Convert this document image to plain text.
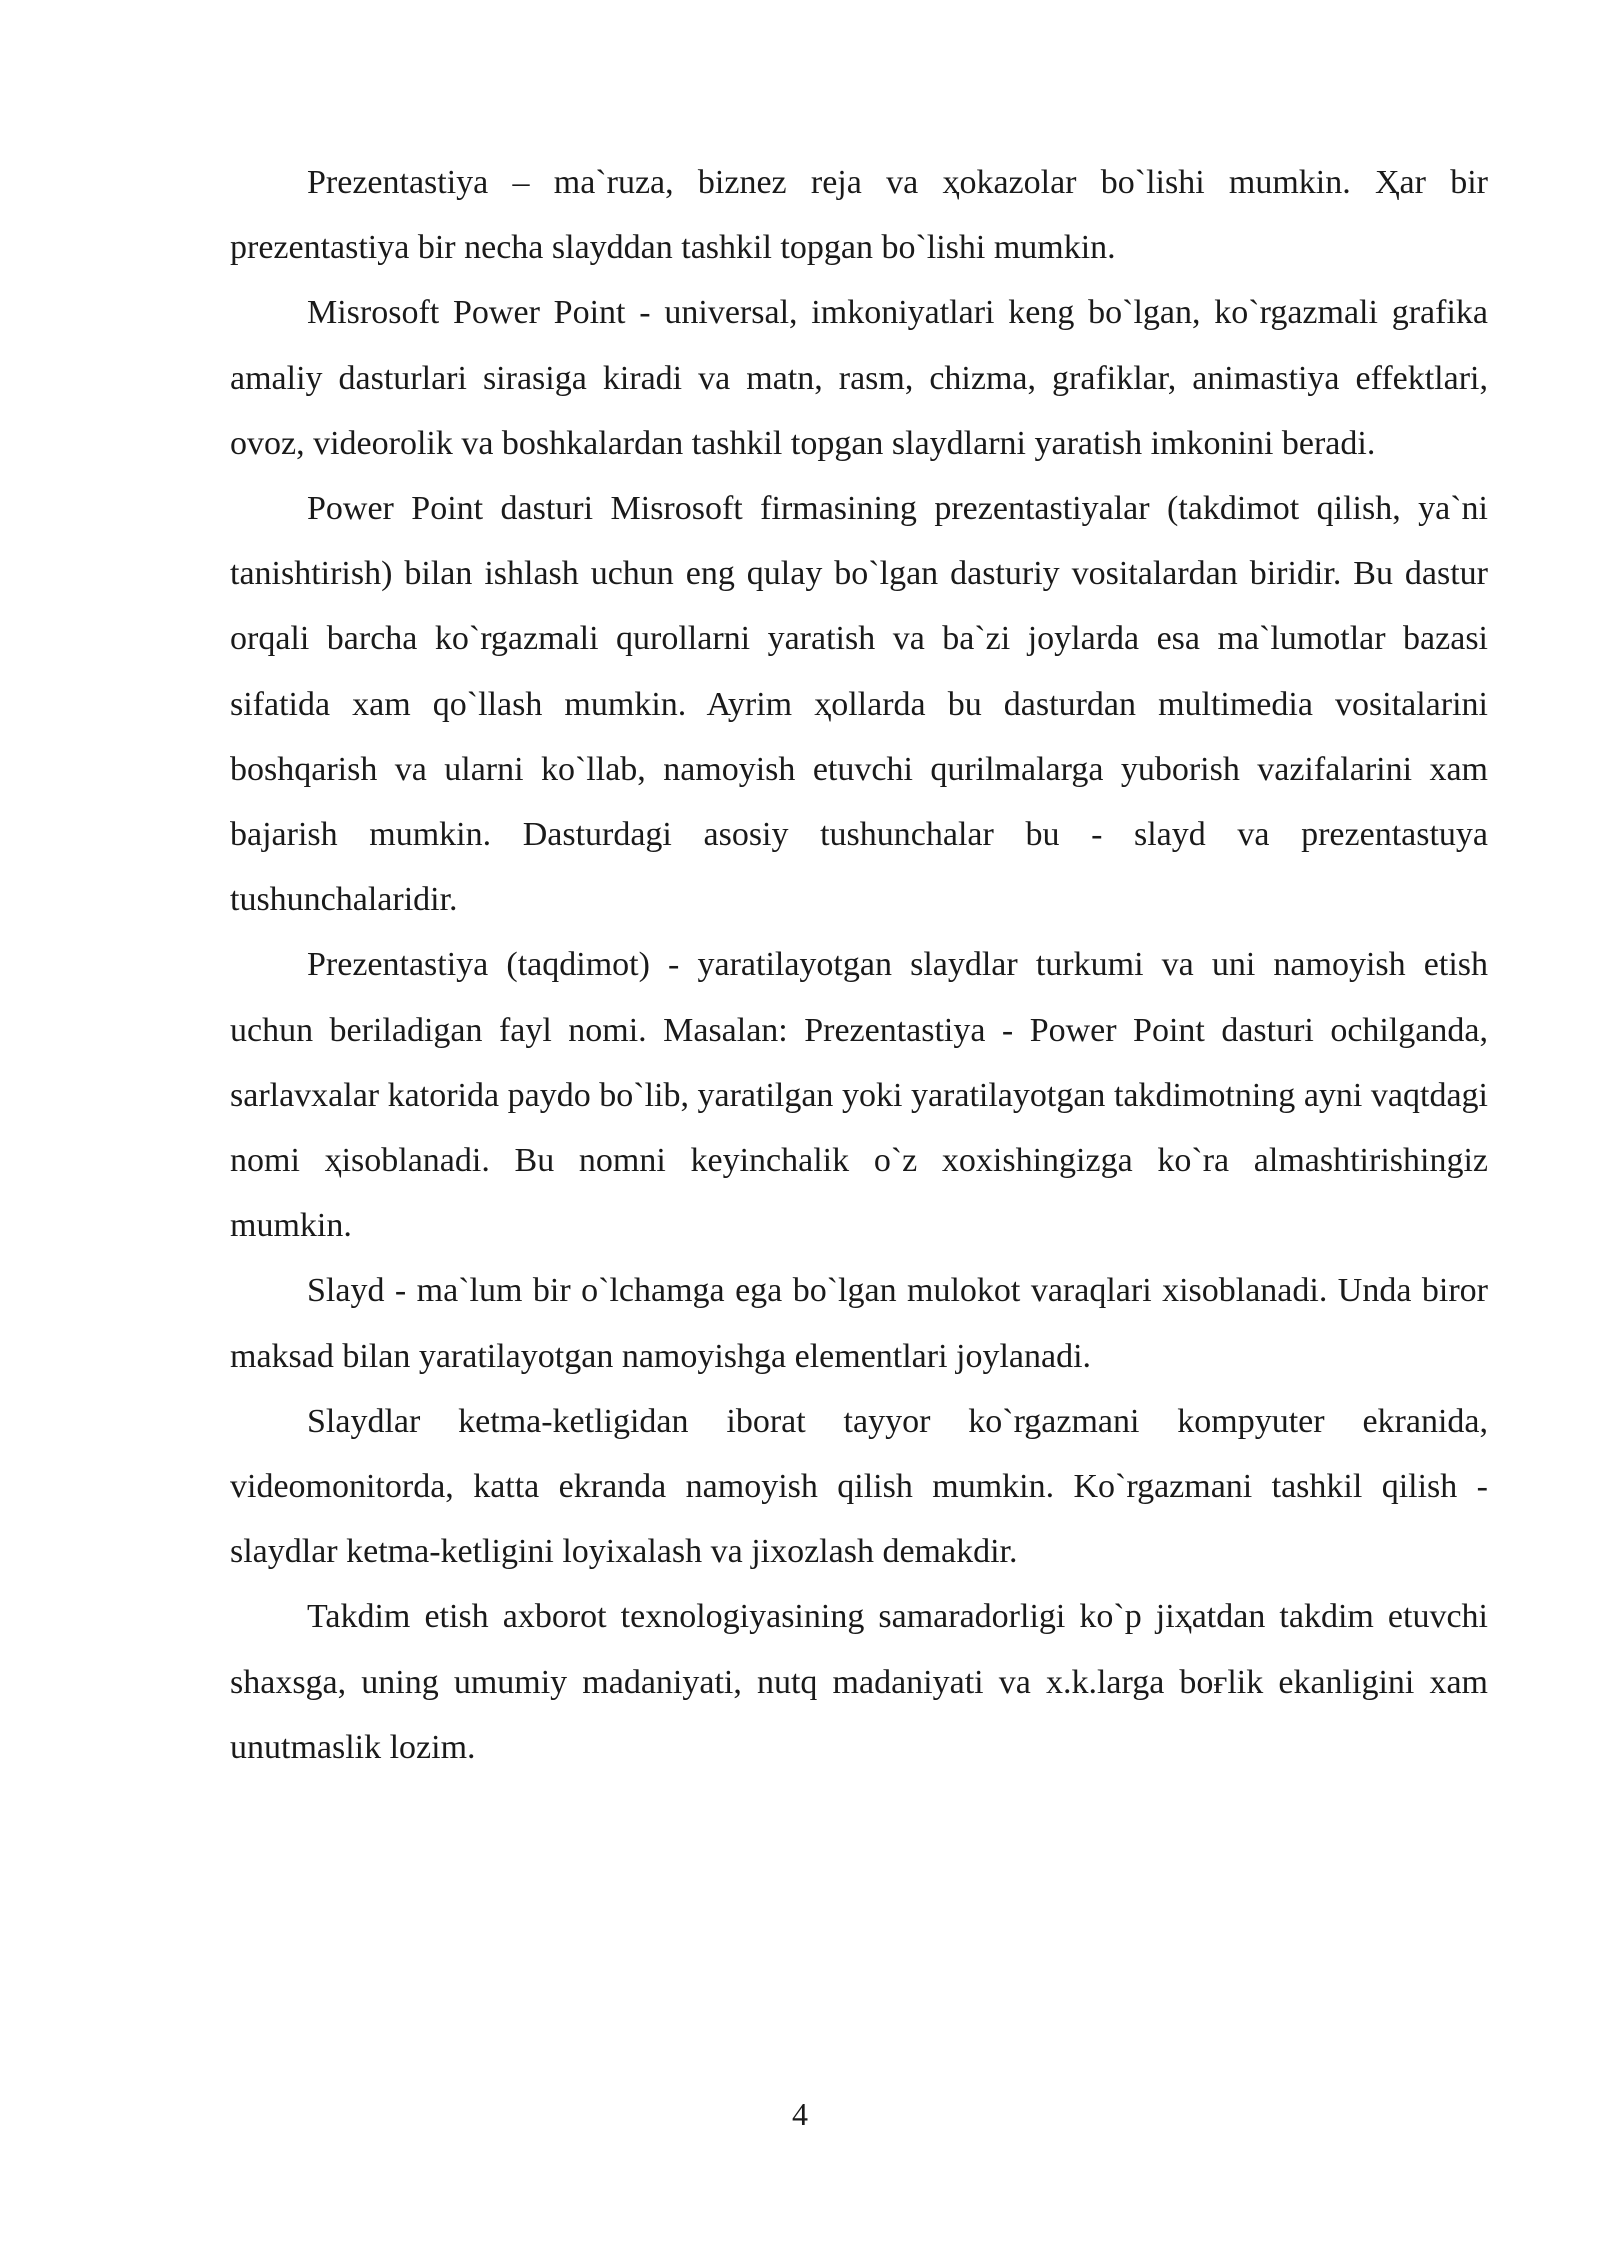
Prezentastiya – ma`ruza, biznez reja va ҳokazolar bo`lishi mumkin. Ҳar bir prezentastiya bir necha slayddan tashkil topgan bo`lishi mumkin.

Misrosoft Power Point - universal, imkoniyatlari keng bo`lgan, ko`rgazmali grafika amaliy dasturlari sirasiga kiradi va matn, rasm, chizma, grafiklar, animastiya effektlari, ovoz, videorolik va boshkalardan tashkil topgan slaydlarni yaratish imkonini beradi.

Power Point dasturi Misrosoft firmasining prezentastiyalar (takdimot qilish, ya`ni tanishtirish) bilan ishlash uchun eng qulay bo`lgan dasturiy vositalardan biridir. Bu dastur orqali barcha ko`rgazmali qurollarni yaratish va ba`zi joylarda esa ma`lumotlar bazasi sifatida xam qo`llash mumkin. Ayrim ҳollarda bu dasturdan multimedia vositalarini boshqarish va ularni ko`llab, namoyish etuvchi qurilmalarga yuborish vazifalarini xam bajarish mumkin. Dasturdagi asosiy tushunchalar bu - slayd va prezentastuya tushunchalaridir.

Prezentastiya (taqdimot) - yaratilayotgan slaydlar turkumi va uni namoyish etish uchun beriladigan fayl nomi. Masalan: Prezentastiya - Power Point dasturi ochilganda, sarlavxalar katorida paydo bo`lib, yaratilgan yoki yaratilayotgan takdimotning ayni vaqtdagi nomi ҳisoblanadi. Bu nomni keyinchalik o`z xoxishingizga ko`ra almashtirishingiz mumkin.

Slayd - ma`lum bir o`lchamga ega bo`lgan mulokot varaqlari xisoblanadi. Unda biror maksad bilan yaratilayotgan namoyishga elementlari joylanadi.

Slaydlar ketma-ketligidan iborat tayyor ko`rgazmani kompyuter ekranida, videomonitorda, katta ekranda namoyish qilish mumkin. Ko`rgazmani tashkil qilish - slaydlar ketma-ketligini loyixalash va jixozlash demakdir.

Takdim etish axborot texnologiyasining samaradorligi ko`p jiҳatdan takdim etuvchi shaxsga, uning umumiy madaniyati, nutq madaniyati va x.k.larga boғlik ekanligini xam unutmaslik lozim.

4
